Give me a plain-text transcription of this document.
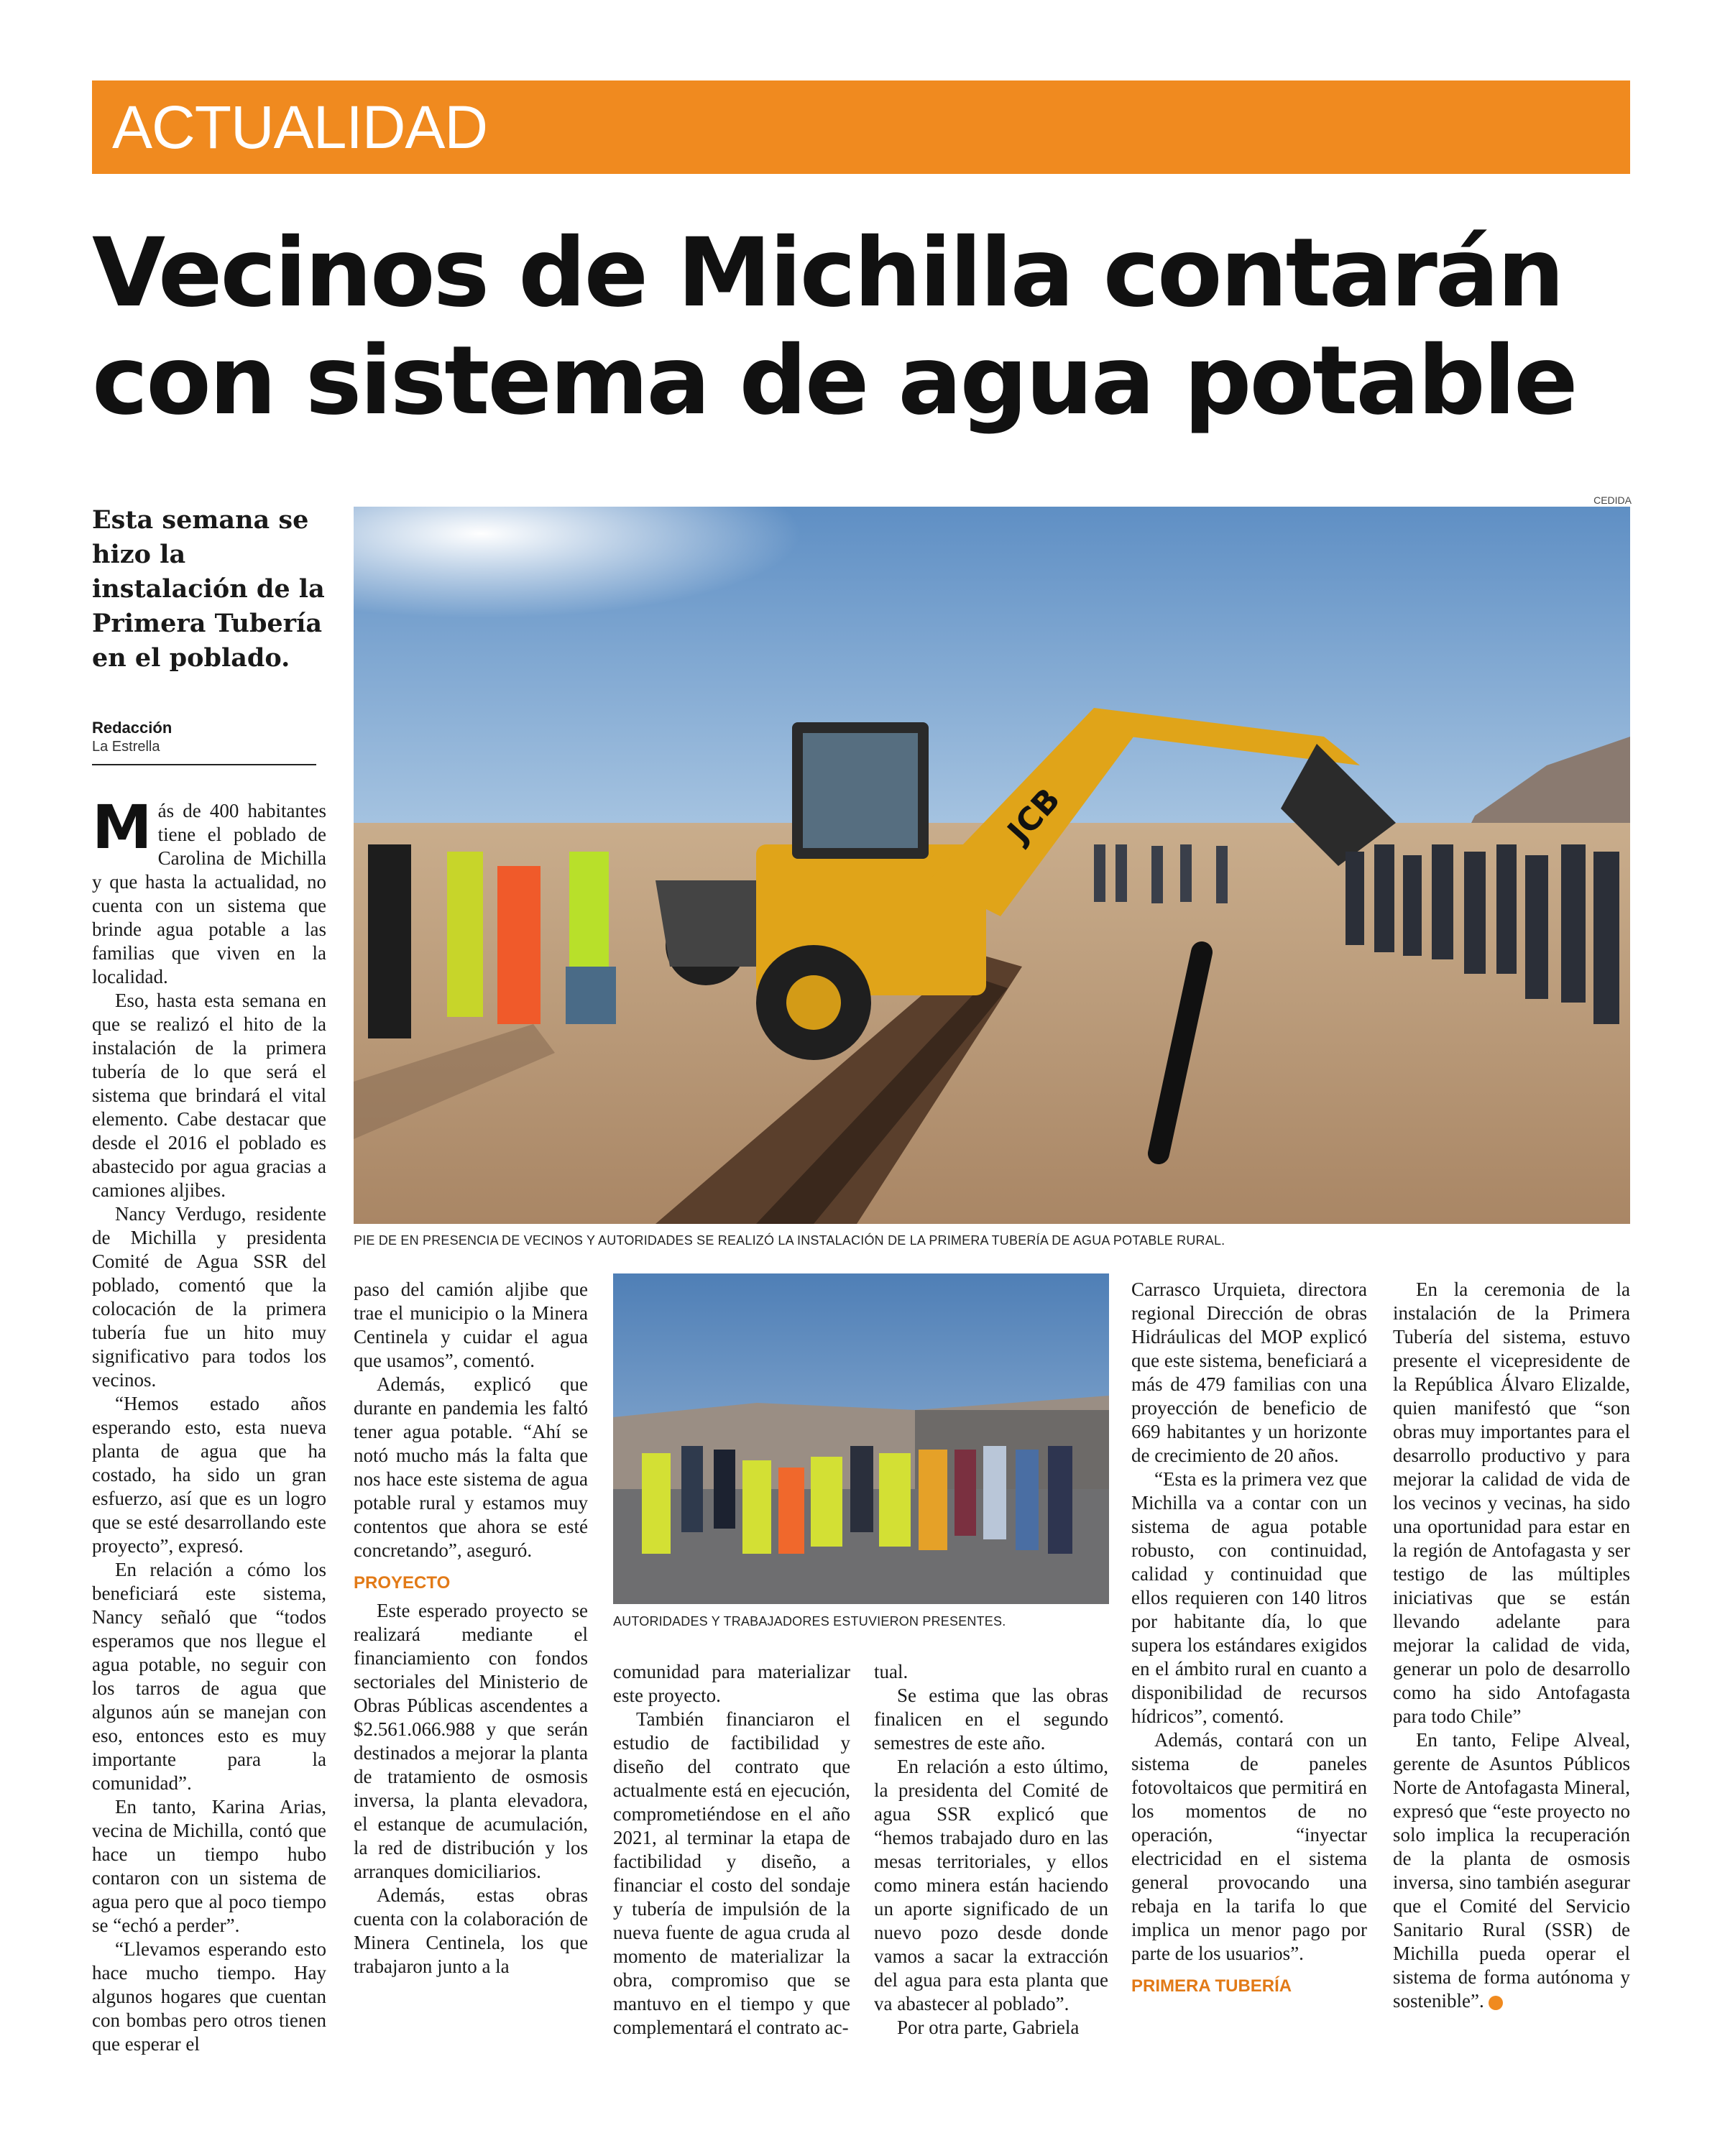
ACTUALIDAD
Vecinos de Michilla contarán con sistema de agua potable
CEDIDA
Esta semana se hizo la instalación de la Primera Tubería en el poblado.
Redacción
La Estrella
JCB
PIE DE EN PRESENCIA DE VECINOS Y AUTORIDADES SE REALIZÓ LA INSTALACIÓN DE LA PRIMERA TUBERÍA DE AGUA POTABLE RURAL.
AUTORIDADES Y TRABAJADORES ESTUVIERON PRESENTES.

Más de 400 habitantes tiene el poblado de Carolina de Michilla y que hasta la actualidad, no cuenta con un sistema que brinde agua potable a las familias que viven en la localidad.

Eso, hasta esta semana en que se realizó el hito de la instalación de la primera tubería de lo que será el sistema que brindará el vital elemento. Cabe destacar que desde el 2016 el poblado es abastecido por agua gracias a camiones aljibes.

Nancy Verdugo, residente de Michilla y presidenta Comité de Agua SSR del poblado, comentó que la colocación de la primera tubería fue un hito muy significativo para todos los vecinos.

“Hemos estado años esperando esto, esta nueva planta de agua que ha costado, ha sido un gran esfuerzo, así que es un logro que se esté desarrollando este proyecto”, expresó.

En relación a cómo los beneficiará este sistema, Nancy señaló que “todos esperamos que nos llegue el agua potable, no seguir con los tarros de agua que algunos aún se manejan con eso, entonces esto es muy importante para la comunidad”.

En tanto, Karina Arias, vecina de Michilla, contó que hace un tiempo hubo contaron con un sistema de agua pero que al poco tiempo se “echó a perder”.

“Llevamos esperando esto hace mucho tiempo. Hay algunos hogares que cuentan con bombas pero otros tienen que esperar el

paso del camión aljibe que trae el municipio o la Minera Centinela y cuidar el agua que usamos”, comentó.

Además, explicó que durante en pandemia les faltó tener agua potable. “Ahí se notó mucho más la falta que nos hace este sistema de agua potable rural y estamos muy contentos que ahora se esté concretando”, aseguró.

PROYECTO

Este esperado proyecto se realizará mediante el financiamiento con fondos sectoriales del Ministerio de Obras Públicas ascendentes a $2.561.066.988 y que serán destinados a mejorar la planta de tratamiento de osmosis inversa, la planta elevadora, el estanque de acumulación, la red de distribución y los arranques domiciliarios.

Además, estas obras cuenta con la colaboración de Minera Centinela, los que trabajaron junto a la

comunidad para materializar este proyecto.

También financiaron el estudio de factibilidad y diseño del contrato que actualmente está en ejecución, comprometiéndose en el año 2021, al terminar la etapa de factibilidad y diseño, a financiar el costo del sondaje y tubería de impulsión de la nueva fuente de agua cruda al momento de materializar la obra, compromiso que se mantuvo en el tiempo y que complementará el contrato ac-

tual.

Se estima que las obras finalicen en el segundo semestres de este año.

En relación a esto último, la presidenta del Comité de agua SSR explicó que “hemos trabajado duro en las mesas territoriales, y ellos como minera están haciendo un aporte significado de un nuevo pozo desde donde vamos a sacar la extracción del agua para esta planta que va abastecer al poblado”.

Por otra parte, Gabriela

Carrasco Urquieta, directora regional Dirección de obras Hidráulicas del MOP explicó que este sistema, beneficiará a más de 479 familias con una proyección de beneficio de 669 habitantes y un horizonte de crecimiento de 20 años.

“Esta es la primera vez que Michilla va a contar con un sistema de agua potable robusto, con continuidad, calidad y continuidad que ellos requieren con 140 litros por habitante día, lo que supera los estándares exigidos en el ámbito rural en cuanto a disponibilidad de recursos hídricos”, comentó.

Además, contará con un sistema de paneles fotovoltaicos que permitirá en los momentos de no operación, “inyectar electricidad en el sistema general provocando una rebaja en la tarifa lo que implica un menor pago por parte de los usuarios”.

PRIMERA TUBERÍA

En la ceremonia de la instalación de la Primera Tubería del sistema, estuvo presente el vicepresidente de la República Álvaro Elizalde, quien manifestó que “son obras muy importantes para el desarrollo productivo y para mejorar la calidad de vida de los vecinos y vecinas, ha sido una oportunidad para estar en la región de Antofagasta y ser testigo de las múltiples iniciativas que se están llevando adelante para mejorar la calidad de vida, generar un polo de desarrollo como ha sido Antofagasta para todo Chile”

En tanto, Felipe Alveal, gerente de Asuntos Públicos Norte de Antofagasta Mineral, expresó que “este proyecto no solo implica la recuperación de la planta de osmosis inversa, sino también asegurar que el Comité del Servicio Sanitario Rural (SSR) de Michilla pueda operar el sistema de forma autónoma y sostenible”.
